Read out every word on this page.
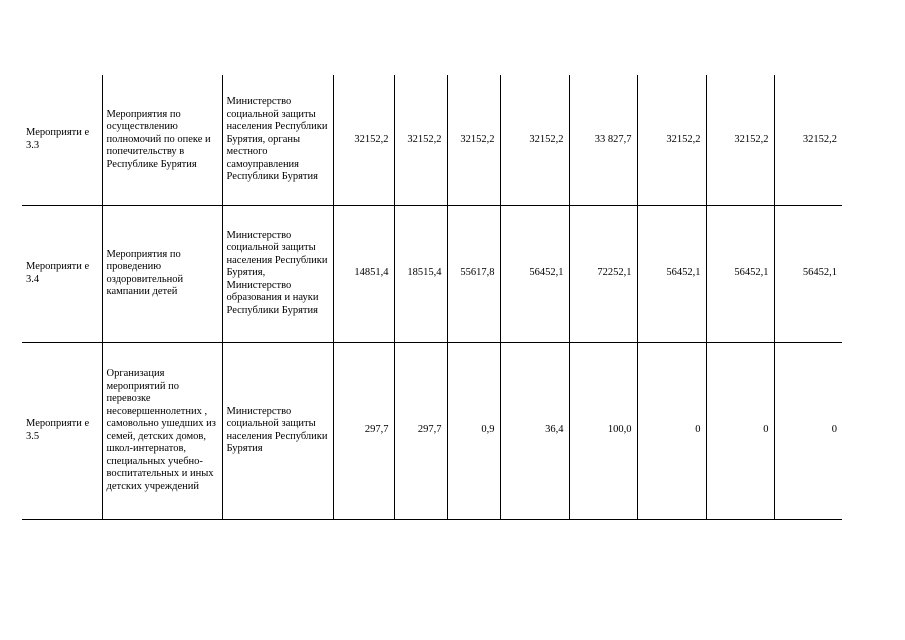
Мероприяти е 3.3	Мероприятия по осуществлению полномочий по опеке и попечительству в Республике Бурятия	Министерство социальной защиты населения Республики Бурятия, органы местного самоуправления Республики Бурятия	32152,2	32152,2	32152,2	32152,2	33 827,7	32152,2	32152,2	32152,2

Мероприяти е 3.4	Мероприятия по проведению оздоровительной кампании детей	Министерство социальной защиты населения Республики Бурятия, Министерство образования и науки Республики Бурятия	14851,4	18515,4	55617,8	56452,1	72252,1	56452,1	56452,1	56452,1

Мероприяти е 3.5	Организация мероприятий по перевозке несовершеннолетних , самовольно ушедших из семей, детских домов, школ-интернатов, специальных учебно-воспитательных и иных детских учреждений	Министерство социальной защиты населения Республики Бурятия	297,7	297,7	0,9	36,4	100,0	0	0	0
